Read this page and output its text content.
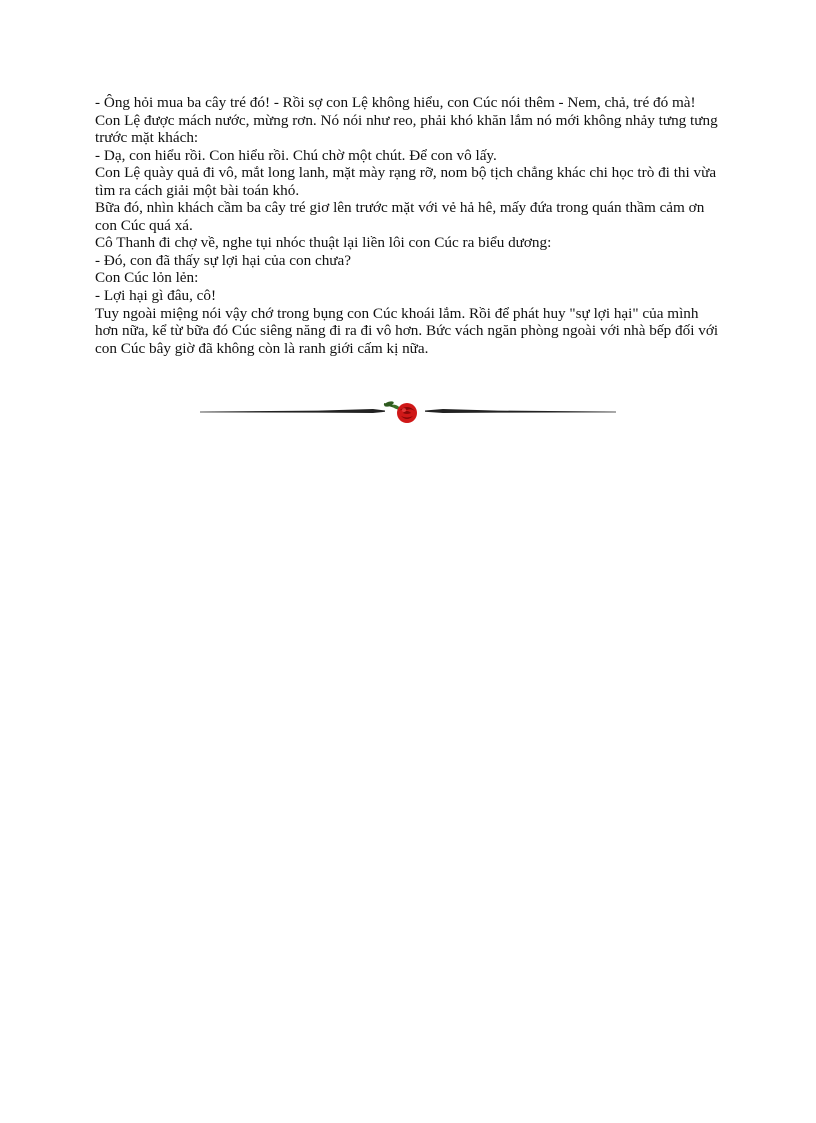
- Ông hỏi mua ba cây tré đó! - Rồi sợ con Lệ không hiểu, con Cúc nói thêm - Nem, chả, tré đó mà!

Con Lệ được mách nước, mừng rơn. Nó nói như reo, phải khó khăn lắm nó mới không nhảy tưng tưng trước mặt khách:

- Dạ, con hiểu rồi. Con hiểu rồi. Chú chờ một chút. Để con vô lấy.

Con Lệ quày quả đi vô, mắt long lanh, mặt mày rạng rỡ, nom bộ tịch chẳng khác chi học trò đi thi vừa tìm ra cách giải một bài toán khó.

Bữa đó, nhìn khách cầm ba cây tré giơ lên trước mặt với vẻ hả hê, mấy đứa trong quán thầm cảm ơn con Cúc quá xá.

Cô Thanh đi chợ về, nghe tụi nhóc thuật lại liền lôi con Cúc ra biểu dương:

- Đó, con đã thấy sự lợi hại của con chưa?

Con Cúc lỏn lẻn:

- Lợi hại gì đâu, cô!

Tuy ngoài miệng nói vậy chớ trong bụng con Cúc khoái lắm. Rồi để phát huy "sự lợi hại" của mình hơn nữa, kể từ bữa đó Cúc siêng năng đi ra đi vô hơn. Bức vách ngăn phòng ngoài với nhà bếp đối với con Cúc bây giờ đã không còn là ranh giới cấm kị nữa.
